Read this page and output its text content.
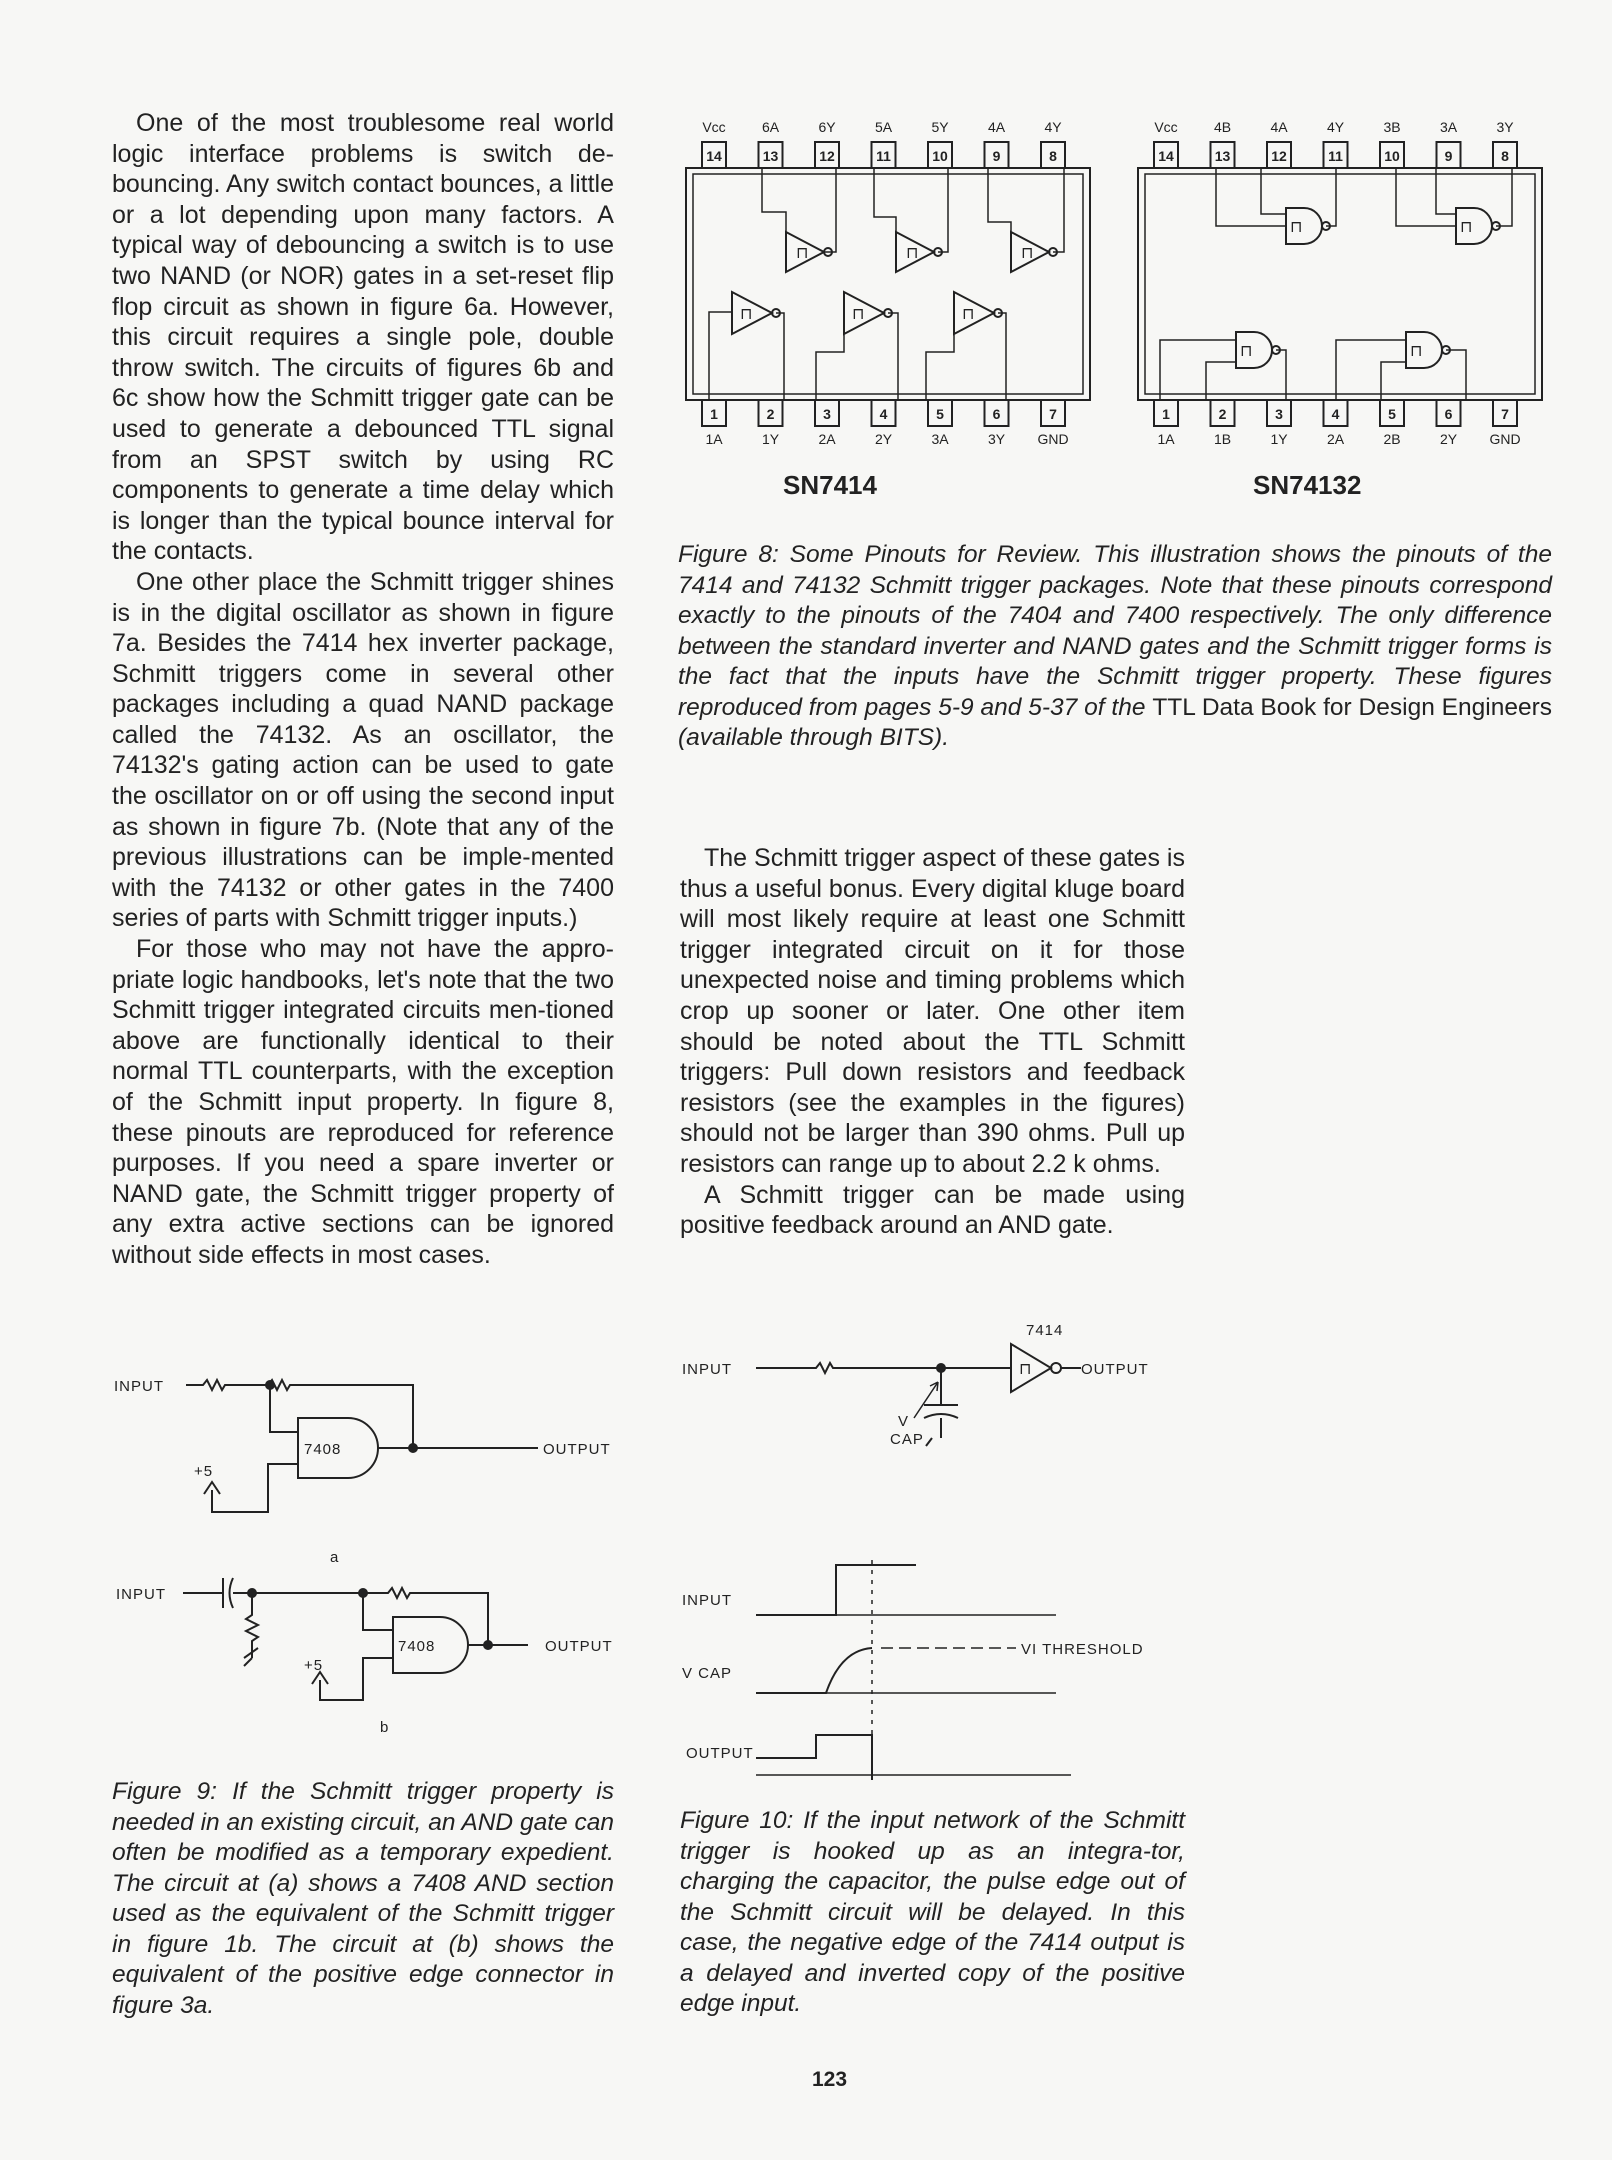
One of the most troublesome real world logic interface problems is switch de-bouncing. Any switch contact bounces, a little or a lot depending upon many factors. A typical way of debouncing a switch is to use two NAND (or NOR) gates in a set-reset flip flop circuit as shown in figure 6a. However, this circuit requires a single pole, double throw switch. The circuits of figures 6b and 6c show how the Schmitt trigger gate can be used to generate a debounced TTL signal from an SPST switch by using RC components to generate a time delay which is longer than the typical bounce interval for the contacts.

One other place the Schmitt trigger shines is in the digital oscillator as shown in figure 7a. Besides the 7414 hex inverter package, Schmitt triggers come in several other packages including a quad NAND package called the 74132. As an oscillator, the 74132's gating action can be used to gate the oscillator on or off using the second input as shown in figure 7b. (Note that any of the previous illustrations can be imple-mented with the 74132 or other gates in the 7400 series of parts with Schmitt trigger inputs.)

For those who may not have the appro-priate logic handbooks, let's note that the two Schmitt trigger integrated circuits men-tioned above are functionally identical to their normal TTL counterparts, with the exception of the Schmitt input property. In figure 8, these pinouts are reproduced for reference purposes. If you need a spare inverter or NAND gate, the Schmitt trigger property of any extra active sections can be ignored without side effects in most cases.

⊓	⊓	⊓
⊓	⊓	⊓
⊓	⊓
⊓	⊓
Vcc
14
1
1A
6A
13
2
1Y
6Y
12
3
2A
5A
11
4
2Y
5Y
10
5
3A
4A
9
6
3Y
4Y
8
7
GND
Vcc
14
1
1A
4B
13
2
1B
4A
12
3
1Y
4Y
11
4
2A
3B
10
5
2B
3A
9
6
2Y
3Y
8
7
GND
SN7414	SN74132

Figure 8: Some Pinouts for Review. This illustration shows the pinouts of the 7414 and 74132 Schmitt trigger packages. Note that these pinouts correspond exactly to the pinouts of the 7404 and 7400 respectively. The only difference between the standard inverter and NAND gates and the Schmitt trigger forms is the fact that the inputs have the Schmitt trigger property. These figures reproduced from pages 5-9 and 5-37 of the TTL Data Book for Design Engineers (available through BITS).

The Schmitt trigger aspect of these gates is thus a useful bonus. Every digital kluge board will most likely require at least one Schmitt trigger integrated circuit on it for those unexpected noise and timing problems which crop up sooner or later. One other item should be noted about the TTL Schmitt triggers: Pull down resistors and feedback resistors (see the examples in the figures) should not be larger than 390 ohms. Pull up resistors can range up to about 2.2 k ohms.

A Schmitt trigger can be made using positive feedback around an AND gate.

INPUT
7408	OUTPUT
+5
a
INPUT
7408	OUTPUT
+5
b

Figure 9: If the Schmitt trigger property is needed in an existing circuit, an AND gate can often be modified as a temporary expedient. The circuit at (a) shows a 7408 AND section used as the equivalent of the Schmitt trigger in figure 1b. The circuit at (b) shows the equivalent of the positive edge connector in figure 3a.

⊓
INPUT
7414
OUTPUT
V
CAP
INPUT
VI THRESHOLD
V CAP
OUTPUT

Figure 10: If the input network of the Schmitt trigger is hooked up as an integra-tor, charging the capacitor, the pulse edge out of the Schmitt circuit will be delayed. In this case, the negative edge of the 7414 output is a delayed and inverted copy of the positive edge input.

123
